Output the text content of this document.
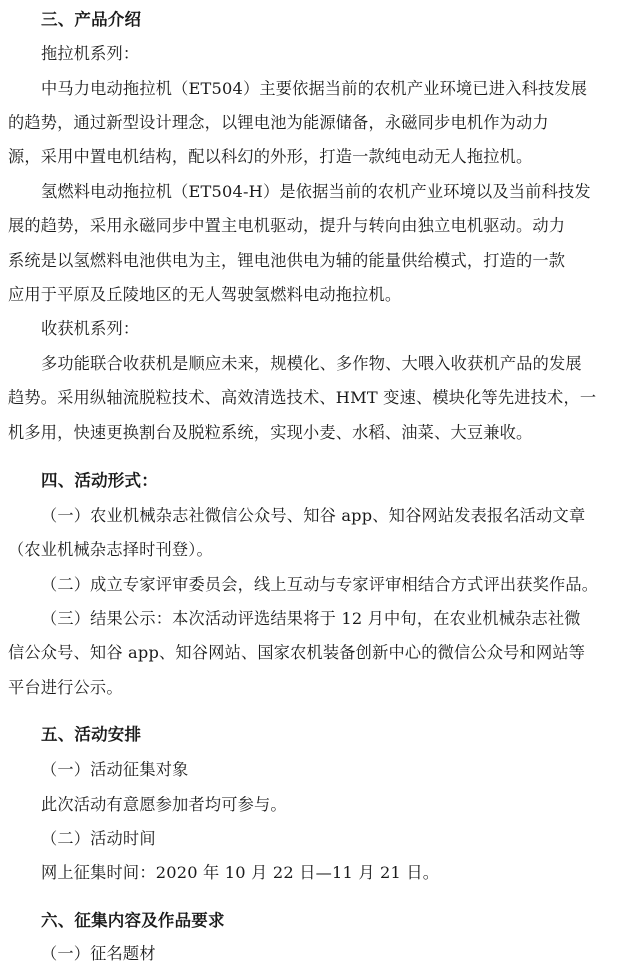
三、产品介绍
拖拉机系列：
中马力电动拖拉机（ET504）主要依据当前的农机产业环境已进入科技发展
的趋势，通过新型设计理念，以锂电池为能源储备，永磁同步电机作为动力
源，采用中置电机结构，配以科幻的外形，打造一款纯电动无人拖拉机。
氢燃料电动拖拉机（ET504-H）是依据当前的农机产业环境以及当前科技发
展的趋势，采用永磁同步中置主电机驱动，提升与转向由独立电机驱动。动力
系统是以氢燃料电池供电为主，锂电池供电为辅的能量供给模式，打造的一款
应用于平原及丘陵地区的无人驾驶氢燃料电动拖拉机。
收获机系列：
多功能联合收获机是顺应未来，规模化、多作物、大喂入收获机产品的发展
趋势。采用纵轴流脱粒技术、高效清选技术、HMT 变速、模块化等先进技术，一
机多用，快速更换割台及脱粒系统，实现小麦、水稻、油菜、大豆兼收。
四、活动形式：
（一）农业机械杂志社微信公众号、知谷 app、知谷网站发表报名活动文章
（农业机械杂志择时刊登）。
（二）成立专家评审委员会，线上互动与专家评审相结合方式评出获奖作品。
（三）结果公示：本次活动评选结果将于 12 月中旬，在农业机械杂志社微
信公众号、知谷 app、知谷网站、国家农机装备创新中心的微信公众号和网站等
平台进行公示。
五、活动安排
（一）活动征集对象
此次活动有意愿参加者均可参与。
（二）活动时间
网上征集时间：2020 年 10 月 22 日—11 月 21 日。
六、征集内容及作品要求
（一）征名题材
